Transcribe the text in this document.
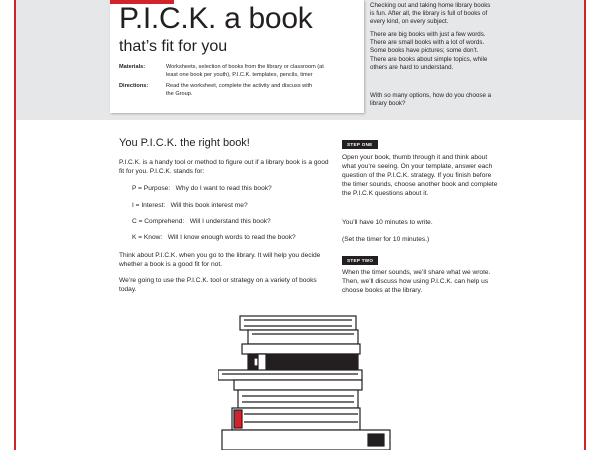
P.I.C.K. a book
that’s fit for you
Materials:	Worksheets, selection of books from the library or classroom (at least one book per youth), P.I.C.K. templates, pencils, timer
Directions:	Read the worksheet, complete the activity and discuss with the Group.
Checking out and taking home library books is fun. After all, the library is full of books of every kind, on every subject.
There are big books with just a few words. There are small books with a lot of words. Some books have pictures; some don’t. There are books about simple topics, while others are hard to understand.
With so many options, how do you choose a library book?
You P.I.C.K. the right book!
P.I.C.K. is a handy tool or method to figure out if a library book is a good fit for you. P.I.C.K. stands for:
P = Purpose:   Why do I want to read this book?
I = Interest:   Will this book interest me?
C = Comprehend:   Will I understand this book?
K = Know:   Will I know enough words to read the book?
Think about P.I.C.K. when you go to the library. It will help you decide whether a book is a good fit for not.
We’re going to use the P.I.C.K. tool or strategy on a variety of books today.
STEP ONE
Open your book, thumb through it and think about what you’re seeing. On your template, answer each question of the P.I.C.K. strategy. If you finish before the timer sounds, choose another book and complete the P.I.C.K questions about it.
You’ll have 10 minutes to write.
(Set the timer for 10 minutes.)
STEP TWO
When the timer sounds, we’ll share what we wrote. Then, we’ll discuss how using P.I.C.K. can help us choose books at the library.
